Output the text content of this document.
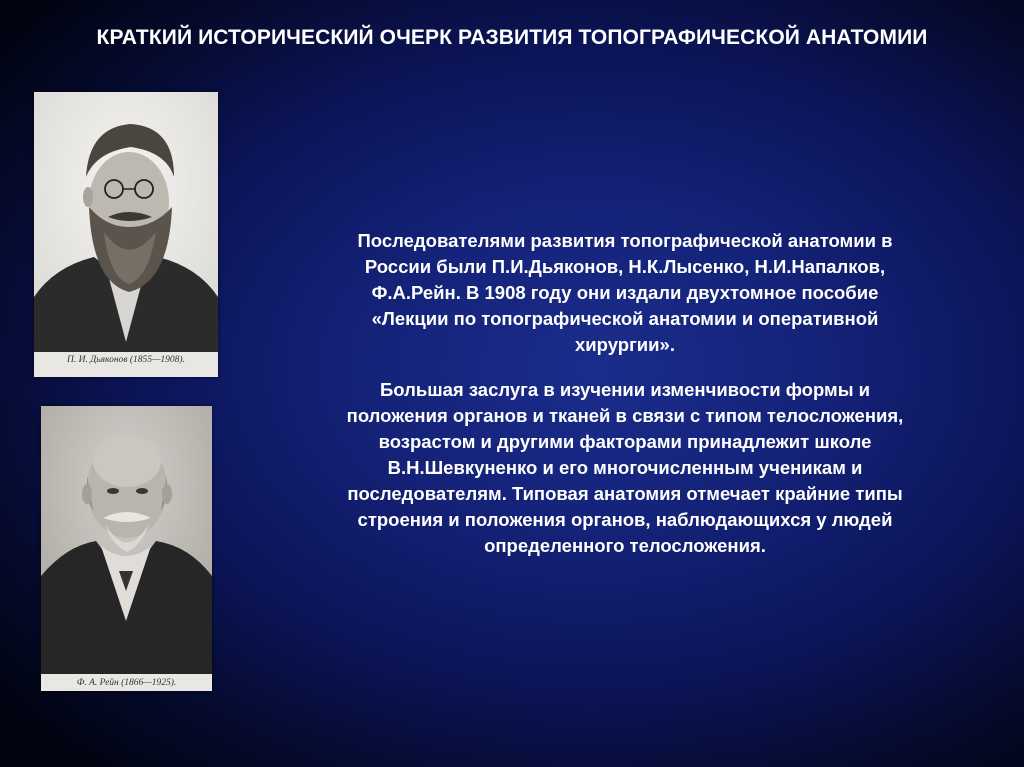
КРАТКИЙ ИСТОРИЧЕСКИЙ ОЧЕРК РАЗВИТИЯ ТОПОГРАФИЧЕСКОЙ АНАТОМИИ
П. И. Дьяконов (1855—1908).
Ф. А. Рейн (1866—1925).
Последователями развития топографической анатомии в
России были П.И.Дьяконов, Н.К.Лысенко, Н.И.Напалков,
Ф.А.Рейн. В 1908 году они издали двухтомное пособие
«Лекции по топографической анатомии и оперативной
хирургии».
Большая заслуга в изучении изменчивости формы и
положения органов и тканей в связи с типом телосложения,
возрастом и другими факторами принадлежит школе
В.Н.Шевкуненко и его многочисленным ученикам и
последователям. Типовая анатомия отмечает крайние типы
строения и положения органов, наблюдающихся у людей
определенного телосложения.
